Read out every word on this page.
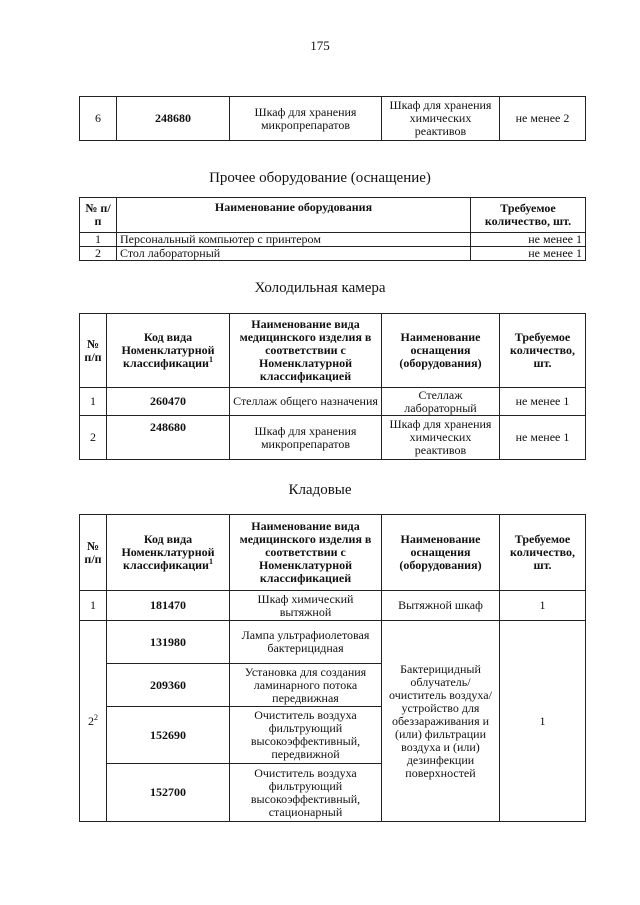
175
6	248680	Шкаф для хранения микропрепаратов	Шкаф для хранения химических реактивов	не менее 2
Прочее оборудование (оснащение)
№ п/п	Наименование оборудования	Требуемое количество, шт.
1	Персональный компьютер с принтером	не менее 1
2	Стол лабораторный	не менее 1
Холодильная камера
№ п/п	Код вида Номенклатурной классификации$^1$	Наименование вида медицинского изделия в соответствии с Номенклатурной классификацией	Наименование оснащения (оборудования)	Требуемое количество, шт.
1	260470	Стеллаж общего назначения	Стеллаж лабораторный	не менее 1
2	248680	Шкаф для хранения микропрепаратов	Шкаф для хранения химических реактивов	не менее 1
Кладовые
№ п/п	Код вида Номенклатурной классификации$^1$	Наименование вида медицинского изделия в соответствии с Номенклатурной классификацией	Наименование оснащения (оборудования)	Требуемое количество, шт.
1	181470	Шкаф химический вытяжной	Вытяжной шкаф	1
$2^2$	131980	Лампа ультрафиолетовая бактерицидная	Бактерицидный облучатель/ очиститель воздуха/ устройство для обеззараживания и (или) фильтрации воздуха и (или) дезинфекции поверхностей	1
	209360	Установка для создания ламинарного потока передвижная		
	152690	Очиститель воздуха фильтрующий высокоэффективный, передвижной		
	152700	Очиститель воздуха фильтрующий высокоэффективный, стационарный		
